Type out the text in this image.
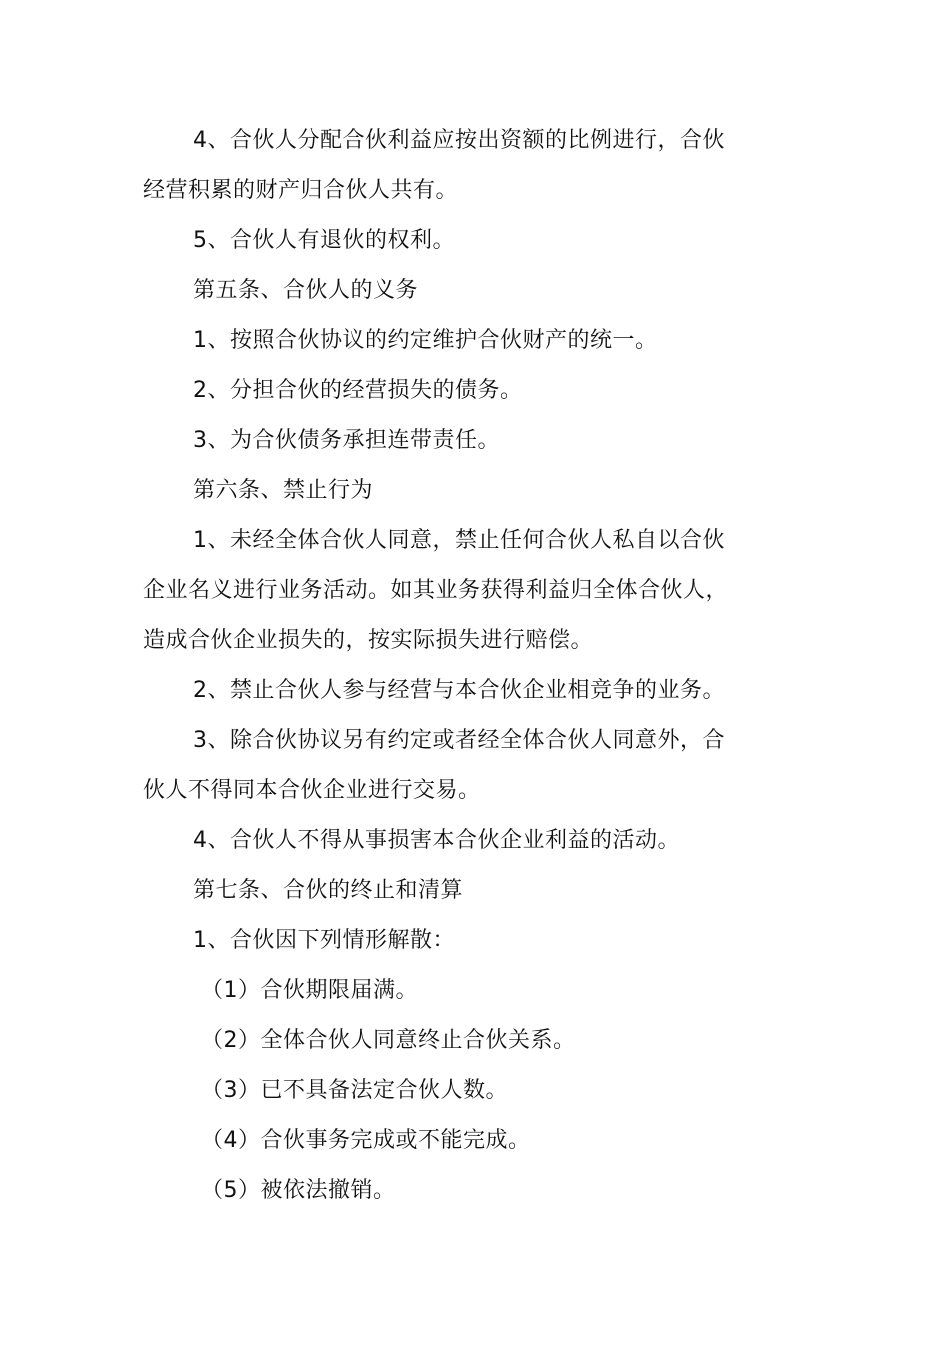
4、合伙人分配合伙利益应按出资额的比例进行，合伙
经营积累的财产归合伙人共有。
5、合伙人有退伙的权利。
第五条、合伙人的义务
1、按照合伙协议的约定维护合伙财产的统一。
2、分担合伙的经营损失的债务。
3、为合伙债务承担连带责任。
第六条、禁止行为
1、未经全体合伙人同意，禁止任何合伙人私自以合伙
企业名义进行业务活动。如其业务获得利益归全体合伙人，
造成合伙企业损失的，按实际损失进行赔偿。
2、禁止合伙人参与经营与本合伙企业相竞争的业务。
3、除合伙协议另有约定或者经全体合伙人同意外，合
伙人不得同本合伙企业进行交易。
4、合伙人不得从事损害本合伙企业利益的活动。
第七条、合伙的终止和清算
1、合伙因下列情形解散：
（1）合伙期限届满。
（2）全体合伙人同意终止合伙关系。
（3）已不具备法定合伙人数。
（4）合伙事务完成或不能完成。
（5）被依法撤销。
